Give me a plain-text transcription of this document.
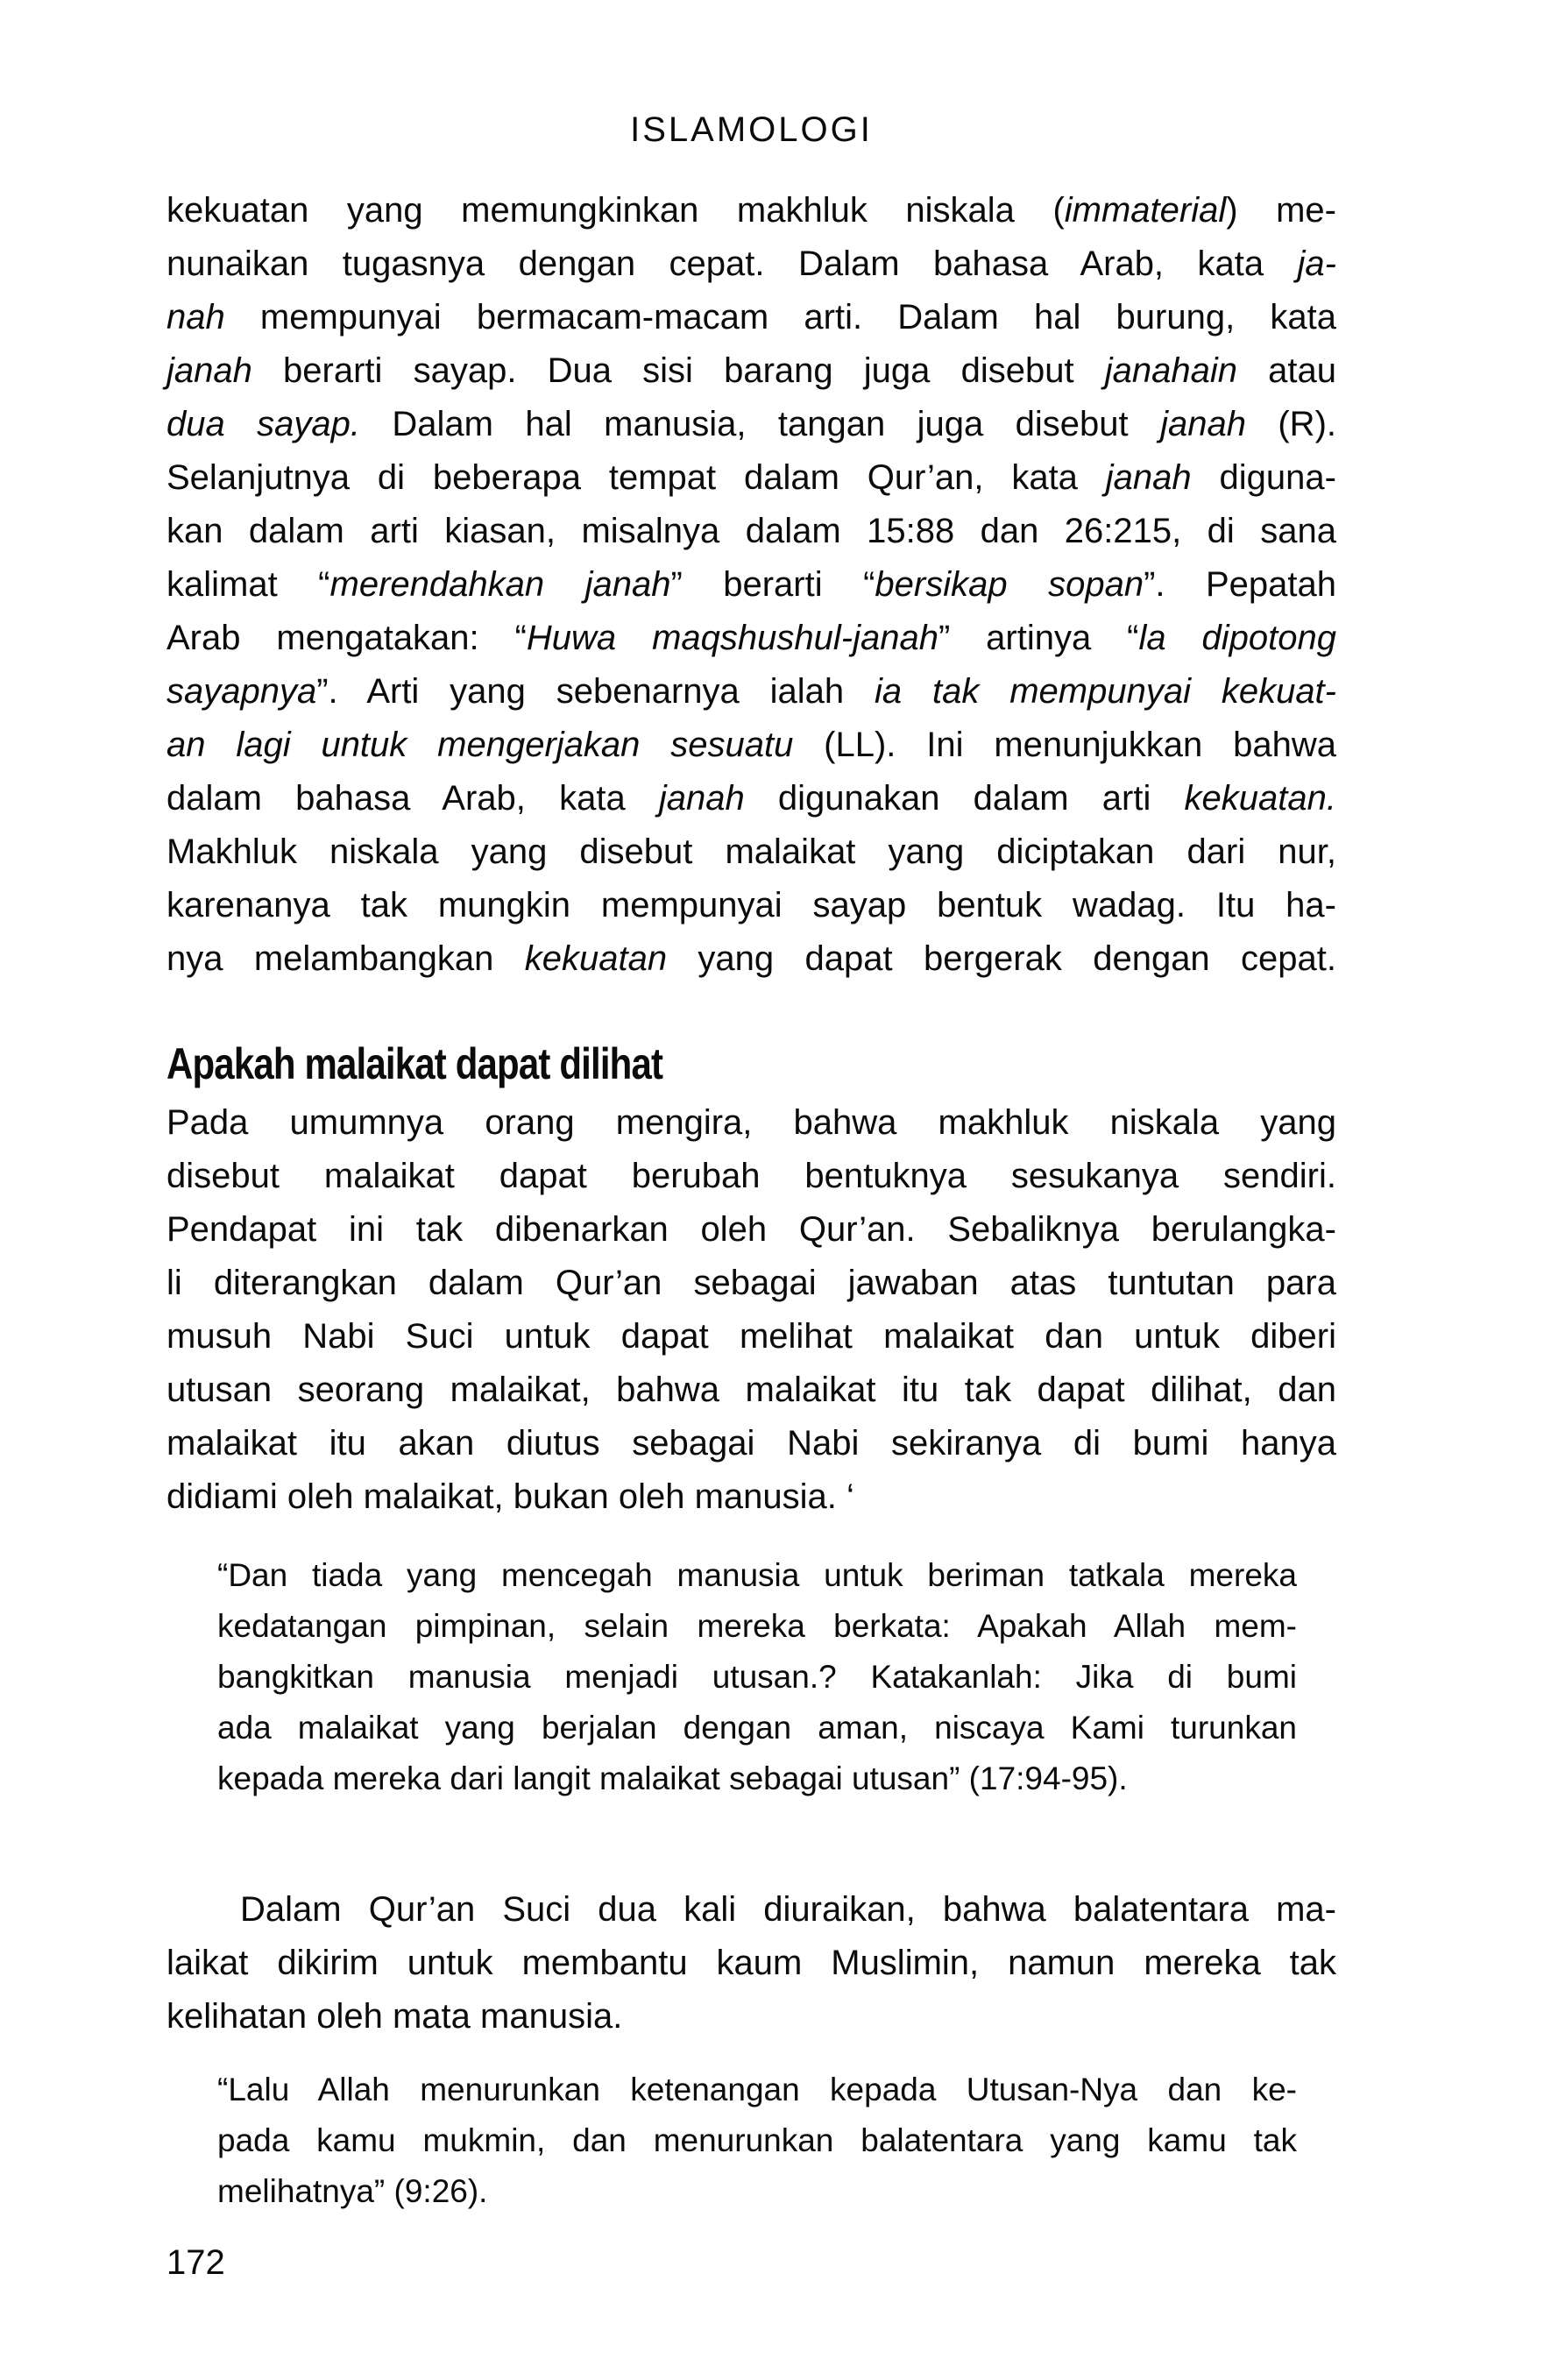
ISLAMOLOGI
kekuatan yang memungkinkan makhluk niskala (immaterial) me-
nunaikan tugasnya dengan cepat. Dalam bahasa Arab, kata ja-
nah mempunyai bermacam-macam arti. Dalam hal burung, kata
janah berarti sayap. Dua sisi barang juga disebut janahain atau
dua sayap. Dalam hal manusia, tangan juga disebut janah (R).
Selanjutnya di beberapa tempat dalam Qur’an, kata janah diguna-
kan dalam arti kiasan, misalnya dalam 15:88 dan 26:215, di sana
kalimat “merendahkan janah” berarti “bersikap sopan”. Pepatah
Arab mengatakan: “Huwa maqshushul-janah” artinya “la dipotong
sayapnya”. Arti yang sebenarnya ialah ia tak mempunyai kekuat-
an lagi untuk mengerjakan sesuatu (LL). Ini menunjukkan bahwa
dalam bahasa Arab, kata janah digunakan dalam arti kekuatan.
Makhluk niskala yang disebut malaikat yang diciptakan dari nur,
karenanya tak mungkin mempunyai sayap bentuk wadag. Itu ha-
nya melambangkan kekuatan yang dapat bergerak dengan cepat.
Apakah malaikat dapat dilihat
Pada umumnya orang mengira, bahwa makhluk niskala yang
disebut malaikat dapat berubah bentuknya sesukanya sendiri.
Pendapat ini tak dibenarkan oleh Qur’an. Sebaliknya berulangka-
li diterangkan dalam Qur’an sebagai jawaban atas tuntutan para
musuh Nabi Suci untuk dapat melihat malaikat dan untuk diberi
utusan seorang malaikat, bahwa malaikat itu tak dapat dilihat, dan
malaikat itu akan diutus sebagai Nabi sekiranya di bumi hanya
didiami oleh malaikat, bukan oleh manusia. ‘
“Dan tiada yang mencegah manusia untuk beriman tatkala mereka
kedatangan pimpinan, selain mereka berkata: Apakah Allah mem-
bangkitkan manusia menjadi utusan.? Katakanlah: Jika di bumi
ada malaikat yang berjalan dengan aman, niscaya Kami turunkan
kepada mereka dari langit malaikat sebagai utusan” (17:94-95).
Dalam Qur’an Suci dua kali diuraikan, bahwa balatentara ma-
laikat dikirim untuk membantu kaum Muslimin, namun mereka tak
kelihatan oleh mata manusia.
“Lalu Allah menurunkan ketenangan kepada Utusan-Nya dan ke-
pada kamu mukmin, dan menurunkan balatentara yang kamu tak
melihatnya” (9:26).
172
